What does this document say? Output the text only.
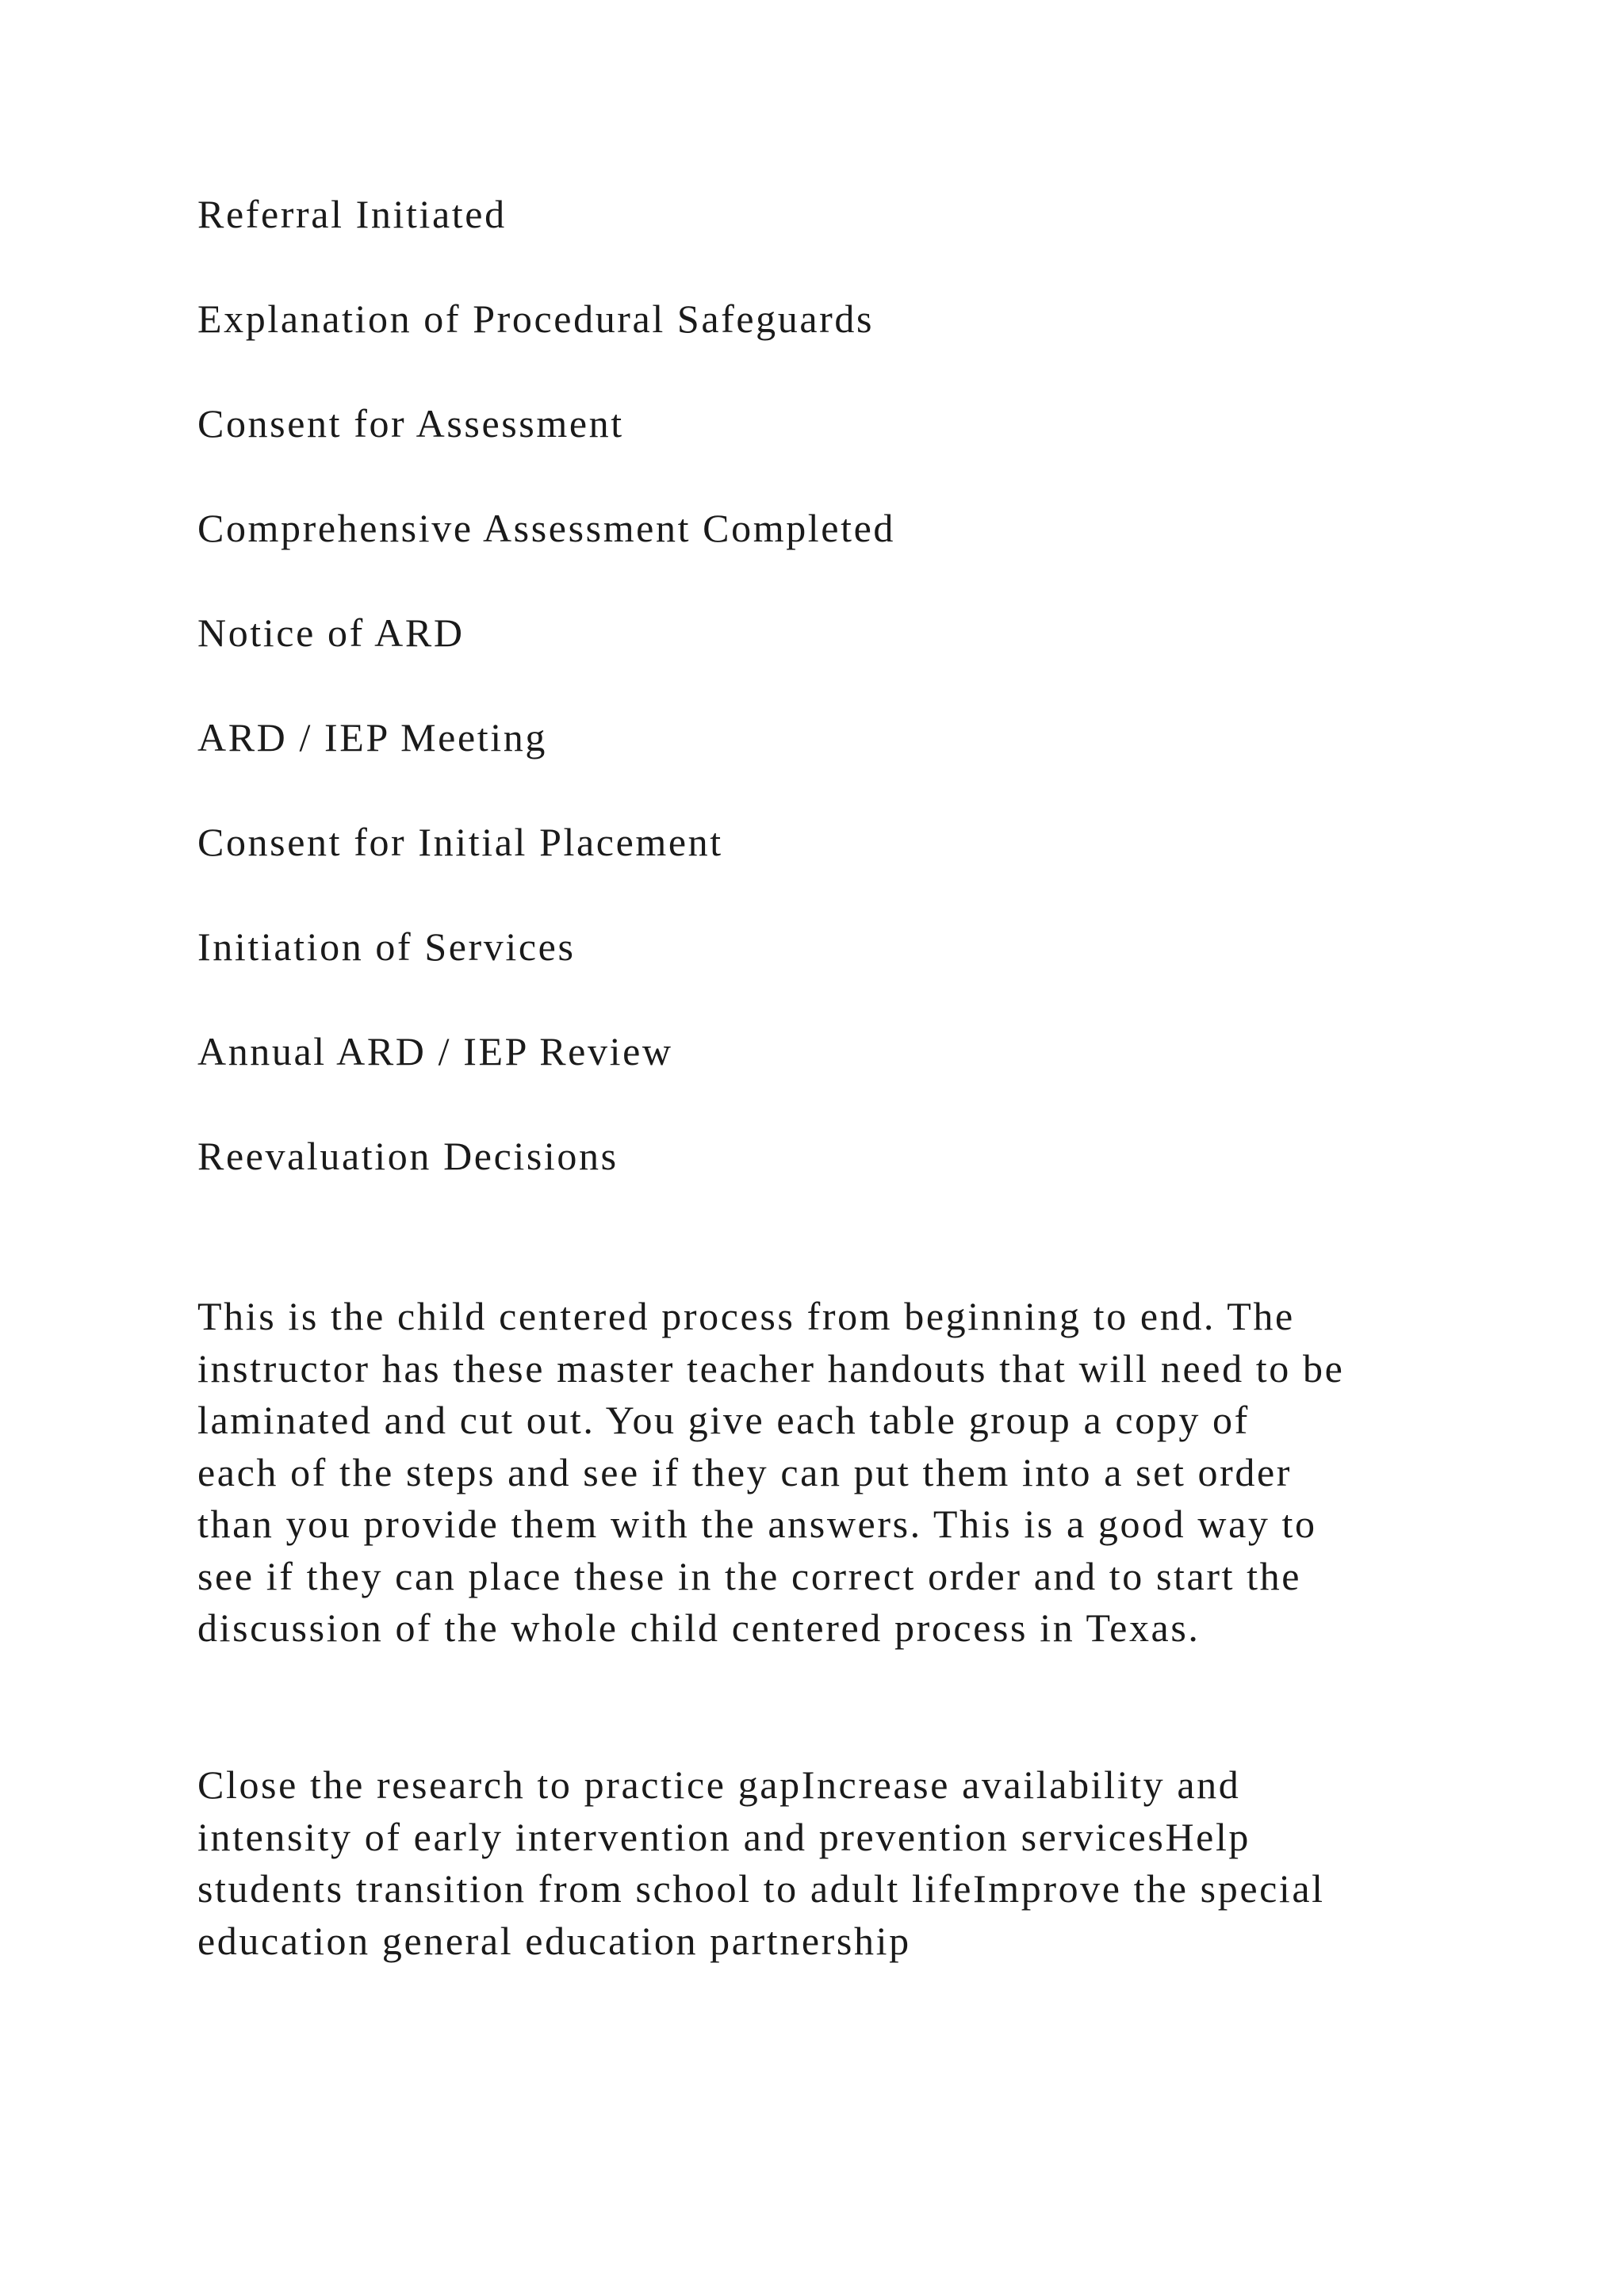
Referral Initiated
Explanation of Procedural Safeguards
Consent for Assessment
Comprehensive Assessment Completed
Notice of ARD
ARD / IEP Meeting
Consent for Initial Placement
Initiation of Services
Annual ARD / IEP Review
Reevaluation Decisions

This is the child centered process from beginning to end. The
instructor has these master teacher handouts that will need to be
laminated and cut out. You give each table group a copy of
each of the steps and see if they can put them into a set order
than you provide them with the answers. This is a good way to
see if they can place these in the correct order and to start the
discussion of the whole child centered process in Texas.

Close the research to practice gapIncrease availability and
intensity of early intervention and prevention servicesHelp
students transition from school to adult lifeImprove the special
education general education partnership
